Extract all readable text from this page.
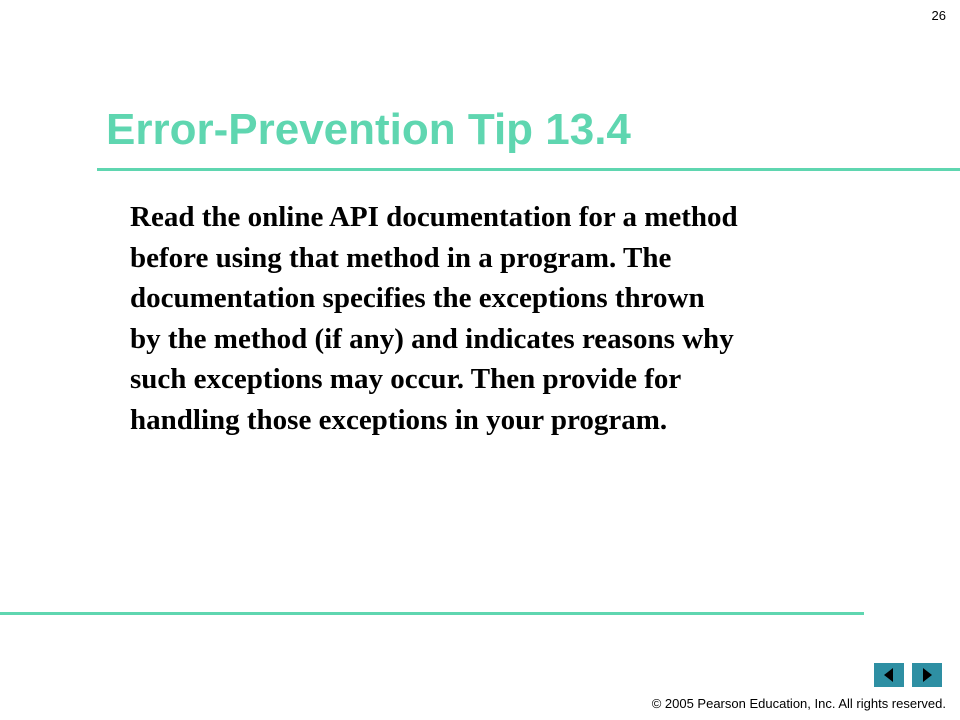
26
Error-Prevention Tip 13.4

Read the online API documentation for a method
before using that method in a program. The
documentation specifies the exceptions thrown
by the method (if any) and indicates reasons why
such exceptions may occur. Then provide for
handling those exceptions in your program.

© 2005 Pearson Education, Inc. All rights reserved.
